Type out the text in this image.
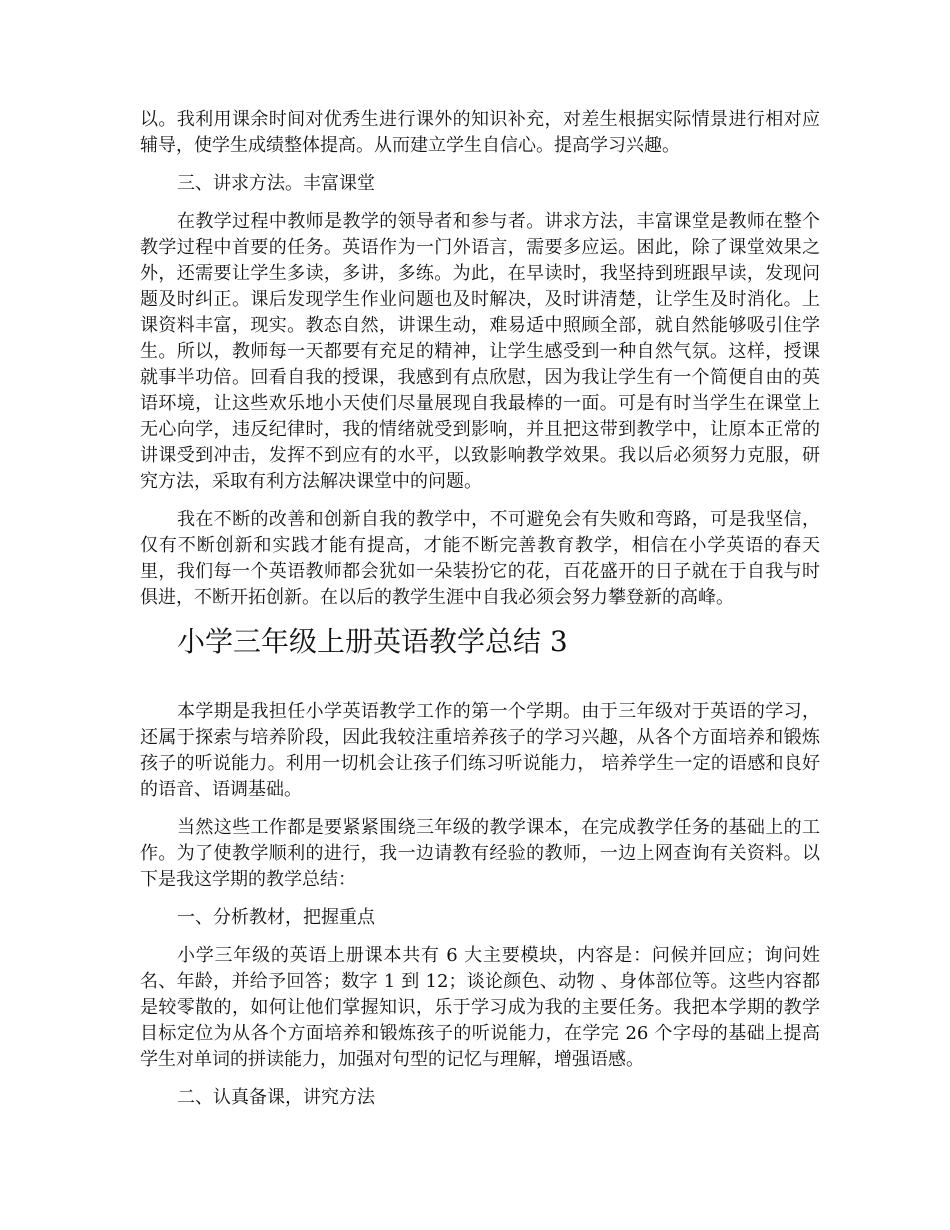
以。我利用课余时间对优秀生进行课外的知识补充，对差生根据实际情景进行相对应辅导，使学生成绩整体提高。从而建立学生自信心。提高学习兴趣。

三、讲求方法。丰富课堂

在教学过程中教师是教学的领导者和参与者。讲求方法，丰富课堂是教师在整个教学过程中首要的任务。英语作为一门外语言，需要多应运。困此，除了课堂效果之外，还需要让学生多读，多讲，多练。为此，在早读时，我坚持到班跟早读，发现问题及时纠正。课后发现学生作业问题也及时解决，及时讲清楚，让学生及时消化。上课资料丰富，现实。教态自然，讲课生动，难易适中照顾全部，就自然能够吸引住学生。所以，教师每一天都要有充足的精神，让学生感受到一种自然气氛。这样，授课就事半功倍。回看自我的授课，我感到有点欣慰，因为我让学生有一个简便自由的英语环境，让这些欢乐地小天使们尽量展现自我最棒的一面。可是有时当学生在课堂上无心向学，违反纪律时，我的情绪就受到影响，并且把这带到教学中，让原本正常的讲课受到冲击，发挥不到应有的水平，以致影响教学效果。我以后必须努力克服，研究方法，采取有利方法解决课堂中的问题。

我在不断的改善和创新自我的教学中，不可避免会有失败和弯路，可是我坚信，仅有不断创新和实践才能有提高，才能不断完善教育教学，相信在小学英语的春天里，我们每一个英语教师都会犹如一朵装扮它的花，百花盛开的日子就在于自我与时俱进，不断开拓创新。在以后的教学生涯中自我必须会努力攀登新的高峰。

小学三年级上册英语教学总结 3

本学期是我担任小学英语教学工作的第一个学期。由于三年级对于英语的学习，还属于探索与培养阶段，因此我较注重培养孩子的学习兴趣，从各个方面培养和锻炼孩子的听说能力。利用一切机会让孩子们练习听说能力， 培养学生一定的语感和良好的语音、语调基础。

当然这些工作都是要紧紧围绕三年级的教学课本，在完成教学任务的基础上的工作。为了使教学顺利的进行，我一边请教有经验的教师，一边上网查询有关资料。以下是我这学期的教学总结：

一、分析教材，把握重点

小学三年级的英语上册课本共有 6 大主要模块，内容是：问候并回应；询问姓名、年龄，并给予回答；数字 1 到 12；谈论颜色、动物 、身体部位等。这些内容都是较零散的，如何让他们掌握知识，乐于学习成为我的主要任务。我把本学期的教学目标定位为从各个方面培养和锻炼孩子的听说能力，在学完 26 个字母的基础上提高学生对单词的拼读能力，加强对句型的记忆与理解，增强语感。

二、认真备课，讲究方法
